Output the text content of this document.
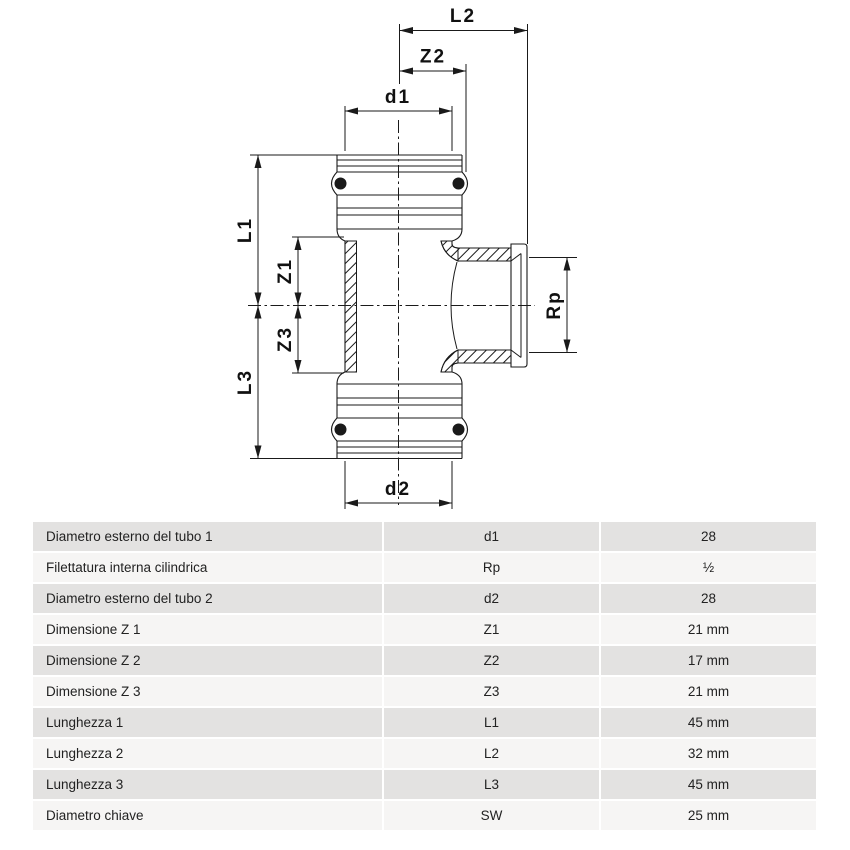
L2
Z2
d1
d2
L1
Z1
Z3
L3
Rp
Diametro esterno del tubo 1	d1	28
Filettatura interna cilindrica	Rp	½
Diametro esterno del tubo 2	d2	28
Dimensione Z 1	Z1	21 mm
Dimensione Z 2	Z2	17 mm
Dimensione Z 3	Z3	21 mm
Lunghezza 1	L1	45 mm
Lunghezza 2	L2	32 mm
Lunghezza 3	L3	45 mm
Diametro chiave	SW	25 mm
